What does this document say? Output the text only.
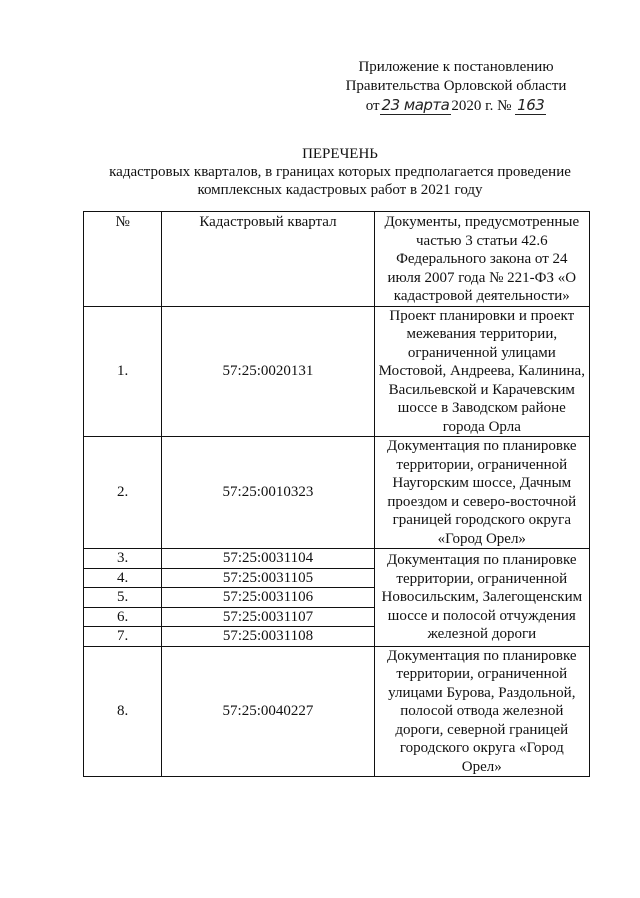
Приложение к постановлению
Правительства Орловской области
от 23 марта 2020 г. № 163
ПЕРЕЧЕНЬ
кадастровых кварталов, в границах которых предполагается проведение
комплексных кадастровых работ в 2021 году
№	Кадастровый квартал	Документы, предусмотренные частью 3 статьи 42.6 Федерального закона от 24 июля 2007 года № 221-ФЗ «О кадастровой деятельности»
1.	57:25:0020131	Проект планировки и проект межевания территории, ограниченной улицами Мостовой, Андреева, Калинина, Васильевской и Карачевским шоссе в Заводском районе города Орла
2.	57:25:0010323	Документация по планировке территории, ограниченной Наугорским шоссе, Дачным проездом и северо-восточной границей городского округа «Город Орел»
3.	57:25:0031104	Документация по планировке территории, ограниченной Новосильским, Залегощенским шоссе и полосой отчуждения железной дороги
4.	57:25:0031105	
5.	57:25:0031106	
6.	57:25:0031107	
7.	57:25:0031108	
8.	57:25:0040227	Документация по планировке территории, ограниченной улицами Бурова, Раздольной, полосой отвода железной дороги, северной границей городского округа «Город Орел»
